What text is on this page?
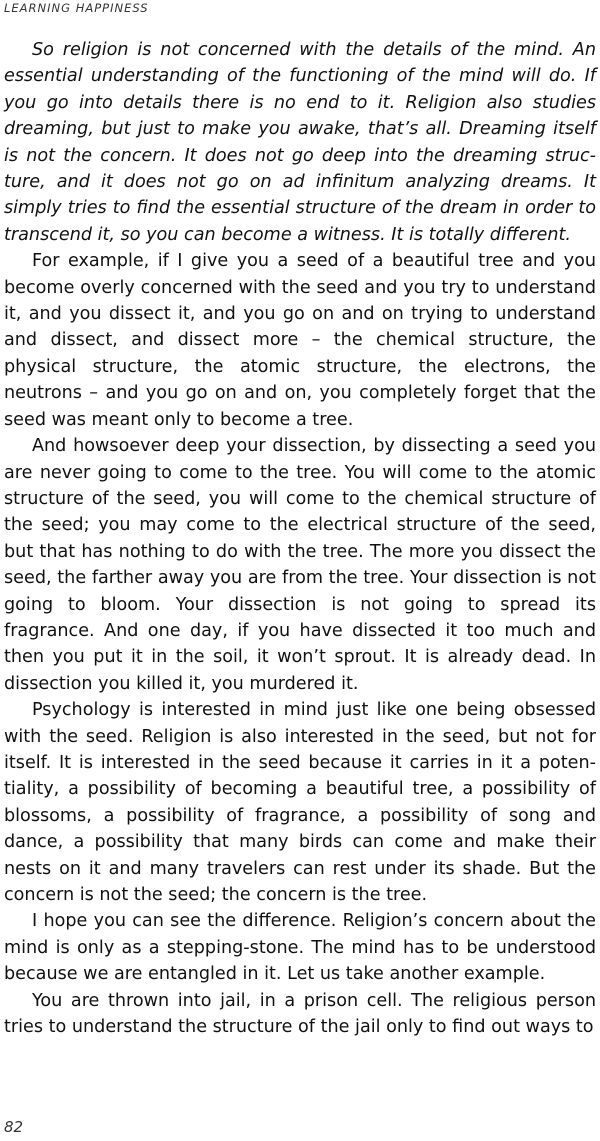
LEARNING HAPPINESS

So religion is not concerned with the details of the mind. An essential understanding of the functioning of the mind will do. If you go into details there is no end to it. Religion also studies dreaming, but just to make you awake, that’s all. Dreaming itself is not the concern. It does not go deep into the dreaming structure, and it does not go on ad infinitum analyzing dreams. It simply tries to find the essential structure of the dream in order to transcend it, so you can become a witness. It is totally different.

For example, if I give you a seed of a beautiful tree and you become overly concerned with the seed and you try to understand it, and you dissect it, and you go on and on trying to understand and dissect, and dissect more – the chemical structure, the physical structure, the atomic structure, the electrons, the neutrons – and you go on and on, you completely forget that the seed was meant only to become a tree.

And howsoever deep your dissection, by dissecting a seed you are never going to come to the tree. You will come to the atomic structure of the seed, you will come to the chemical structure of the seed; you may come to the electrical structure of the seed, but that has nothing to do with the tree. The more you dissect the seed, the farther away you are from the tree. Your dissection is not going to bloom. Your dissection is not going to spread its fragrance. And one day, if you have dissected it too much and then you put it in the soil, it won’t sprout. It is already dead. In dissection you killed it, you murdered it.

Psychology is interested in mind just like one being obsessed with the seed. Religion is also interested in the seed, but not for itself. It is interested in the seed because it carries in it a potentiality, a possibility of becoming a beautiful tree, a possibility of blossoms, a possibility of fragrance, a possibility of song and dance, a possibility that many birds can come and make their nests on it and many travelers can rest under its shade. But the concern is not the seed; the concern is the tree.

I hope you can see the difference. Religion’s concern about the mind is only as a stepping-stone. The mind has to be understood because we are entangled in it. Let us take another example.

You are thrown into jail, in a prison cell. The religious person tries to understand the structure of the jail only to find out ways to

82
